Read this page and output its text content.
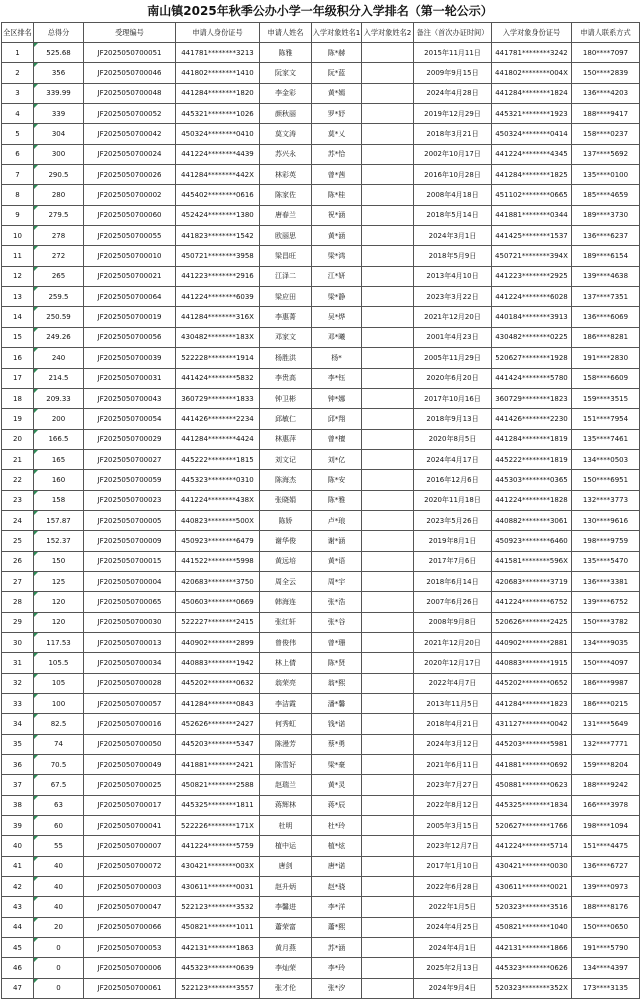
南山镇2025年秋季公办小学一年级积分入学排名（第一轮公示）
全区排名	总得分	受理编号	申请人身份证号	申请人姓名	入学对象姓名1	入学对象姓名2	备注（首次办证时间）	入学对象身份证号	申请人联系方式
1	525.68	JF2025050700051	441781********3213	陈雅	陈*赫		2015年11月11日	441781********3242	180****7097
2	356	JF2025050700046	441802********1410	阮家文	阮*蓝		2009年9月15日	441802********004X	150****2839
3	339.99	JF2025050700048	441284********1820	李金彩	黄*嫣		2024年4月28日	441284********1824	136****4203
4	339	JF2025050700052	445321********1026	颜秋丽	罗*妤		2019年12月29日	445321********1923	188****9417
5	304	JF2025050700042	450324********0410	莫文涛	莫*乂		2018年3月21日	450324********0414	158****0237
6	300	JF2025050700024	441224********4439	苏兴永	苏*恰		2002年10月17日	441224********4345	137****5692
7	290.5	JF2025050700026	441284********442X	林彩英	曾*茜		2016年10月28日	441284********1825	135****0100
8	280	JF2025050700002	445402********0616	陈家佐	陈*桂		2008年4月18日	451102********0665	185****4659
9	279.5	JF2025050700060	452424********1380	唐春兰	祝*涵		2018年5月14日	441881********0344	189****3730
10	278	JF2025050700055	441823********1542	欧丽思	黄*涵		2024年3月1日	441425********1537	136****6237
11	272	JF2025050700010	450721********3958	梁昌旺	梁*鸿		2018年5月9日	450721********394X	189****6154
12	265	JF2025050700021	441223********2916	江泽二	江*妍		2013年4月10日	441223********2925	139****4638
13	259.5	JF2025050700064	441224********6039	梁应田	梁*静		2023年3月22日	441224********6028	137****7351
14	250.59	JF2025050700019	441284********316X	李惠菁	吴*烨		2021年12月20日	440184********3913	136****6069
15	249.26	JF2025050700056	430482********183X	邓家文	邓*曦		2001年4月23日	430482********0225	186****8281
16	240	JF2025050700039	522228********1914	杨胜洪	杨*		2005年11月29日	520627********1928	191****2830
17	214.5	JF2025050700031	441424********5832	李贵高	李*钰		2020年6月20日	441424********5780	158****6609
18	209.33	JF2025050700043	360729********1833	钟卫彬	钟*娜		2017年10月16日	360729********1823	159****3515
19	200	JF2025050700054	441426********2234	邱敏仁	邱*翔		2018年9月13日	441426********2230	151****7954
20	166.5	JF2025050700029	441284********4424	林惠萍	曾*檀		2020年8月5日	441284********1819	135****7461
21	165	JF2025050700027	445222********1815	刘文记	刘*亿		2024年4月17日	445222********1819	134****0503
22	160	JF2025050700059	445323********0310	陈海杰	陈*安		2016年12月6日	445303********0365	150****6951
23	158	JF2025050700023	441224********438X	张晓娟	陈*雅		2020年11月18日	441224********1828	132****3773
24	157.87	JF2025050700005	440823********500X	陈娇	卢*琅		2023年5月26日	440882********3061	130****9616
25	152.37	JF2025050700009	450923********6479	谢华俊	谢*涵		2019年8月1日	450923********6460	198****9759
26	150	JF2025050700015	441522********5998	黄远培	黄*语		2017年7月6日	441581********596X	135****5470
27	125	JF2025050700004	420683********3750	周全云	周*宇		2018年6月14日	420683********3719	136****3381
28	120	JF2025050700065	450603********0669	韩海连	张*浩		2007年6月26日	441224********6752	139****6752
29	120	JF2025050700030	522227********2415	张红轩	张*谷		2008年9月8日	520626********2425	150****3782
30	117.53	JF2025050700013	440902********2899	曾俊伟	曾*珊		2021年12月20日	440902********2881	134****9035
31	105.5	JF2025050700034	440883********1942	林上倩	陈*贤		2020年12月17日	440883********1915	150****4097
32	105	JF2025050700028	445202********0632	翁荣亮	翁*熙		2022年4月7日	445202********0652	186****9987
33	100	JF2025050700057	441284********0843	李洁霞	潘*馨		2013年11月5日	441284********1823	186****0215
34	82.5	JF2025050700016	452626********2427	何秀虹	钱*诺		2018年4月21日	431127********0042	131****5649
35	74	JF2025050700050	445203********5347	陈漫芳	蔡*勇		2024年3月12日	445203********5981	132****7771
36	70.5	JF2025050700049	441881********2421	陈雪好	梁*豪		2021年6月11日	441881********0692	159****8204
37	67.5	JF2025050700025	450821********2588	赵瑞兰	黄*灵		2023年7月27日	450881********0623	188****9242
38	63	JF2025050700017	445325********1811	蒋辉林	蒋*辰		2022年8月12日	445325********1834	166****3978
39	60	JF2025050700041	522226********171X	杜明	杜*玲		2005年3月15日	520627********1766	198****1094
40	55	JF2025050700007	441224********5759	植中运	植*炫		2023年12月7日	441224********5714	151****4475
41	40	JF2025050700072	430421********003X	唐剑	唐*诺		2017年1月10日	430421********0030	136****6727
42	40	JF2025050700003	430611********0031	赵升炳	赵*骁		2022年6月28日	430611********0021	139****0973
43	40	JF2025050700047	522123********3532	李馨进	李*洋		2022年1月5日	520323********3516	188****8176
44	20	JF2025050700066	450821********1011	蕭荣富	蕭*熙		2024年4月25日	450821********1040	150****0650
45	0	JF2025050700053	442131********1863	黄月燕	苏*涵		2024年4月1日	442131********1866	191****5790
46	0	JF2025050700006	445323********0639	李灿荣	李*玲		2025年2月13日	445323********0626	134****4397
47	0	JF2025050700061	522123********3557	张才伦	张*汐		2024年9月4日	520323********352X	173****3135
